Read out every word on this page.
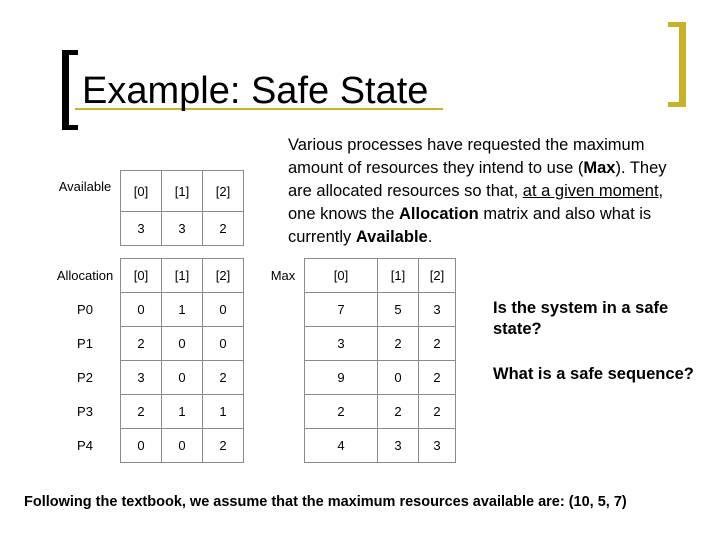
Example: Safe State
Various processes have requested the maximum amount of resources they intend to use (Max). They are allocated resources so that, at a given moment, one knows the Allocation matrix and also what is currently Available.
Available	[0]	[1]	[2]
	3	3	2
Allocation	[0]	[1]	[2]
P0	0	1	0
P1	2	0	0
P2	3	0	2
P3	2	1	1
P4	0	0	2
Max		[0]	[1]	[2]
		7	5	3
		3	2	2
		9	0	2
		2	2	2
		4	3	3
Is the system in a safe state?
What is a safe sequence?
Following the textbook, we assume that the maximum resources available are: (10, 5, 7)
